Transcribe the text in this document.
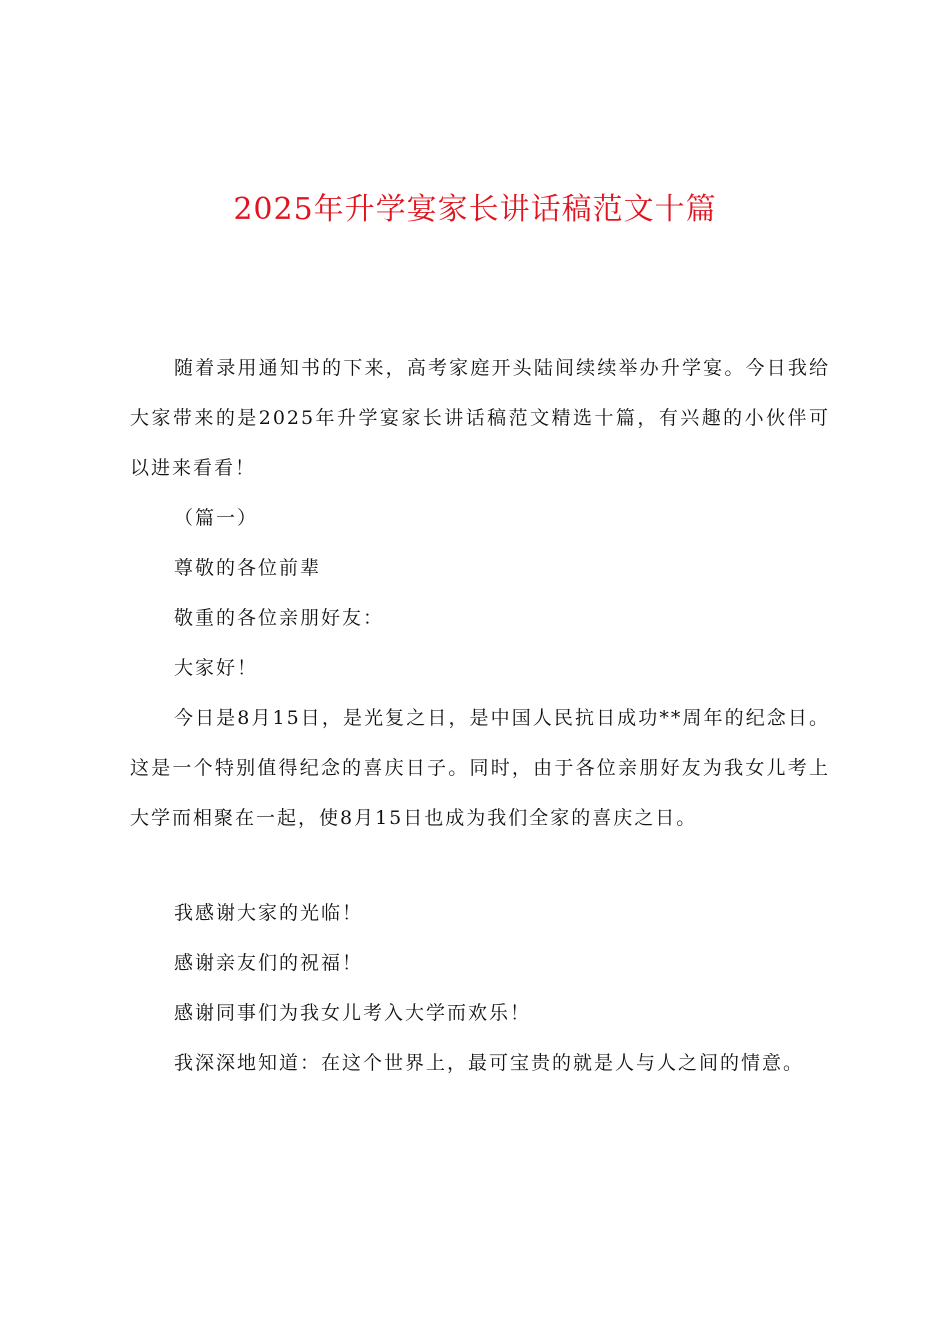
2025年升学宴家长讲话稿范文十篇

随着录用通知书的下来，高考家庭开头陆间续续举办升学宴。今日我给大家带来的是2025年升学宴家长讲话稿范文精选十篇，有兴趣的小伙伴可以进来看看！

（篇一）

尊敬的各位前辈

敬重的各位亲朋好友：

大家好！

今日是8月15日，是光复之日，是中国人民抗日成功**周年的纪念日。这是一个特别值得纪念的喜庆日子。同时，由于各位亲朋好友为我女儿考上大学而相聚在一起，使8月15日也成为我们全家的喜庆之日。

我感谢大家的光临！

感谢亲友们的祝福！

感谢同事们为我女儿考入大学而欢乐！

我深深地知道：在这个世界上，最可宝贵的就是人与人之间的情意。
